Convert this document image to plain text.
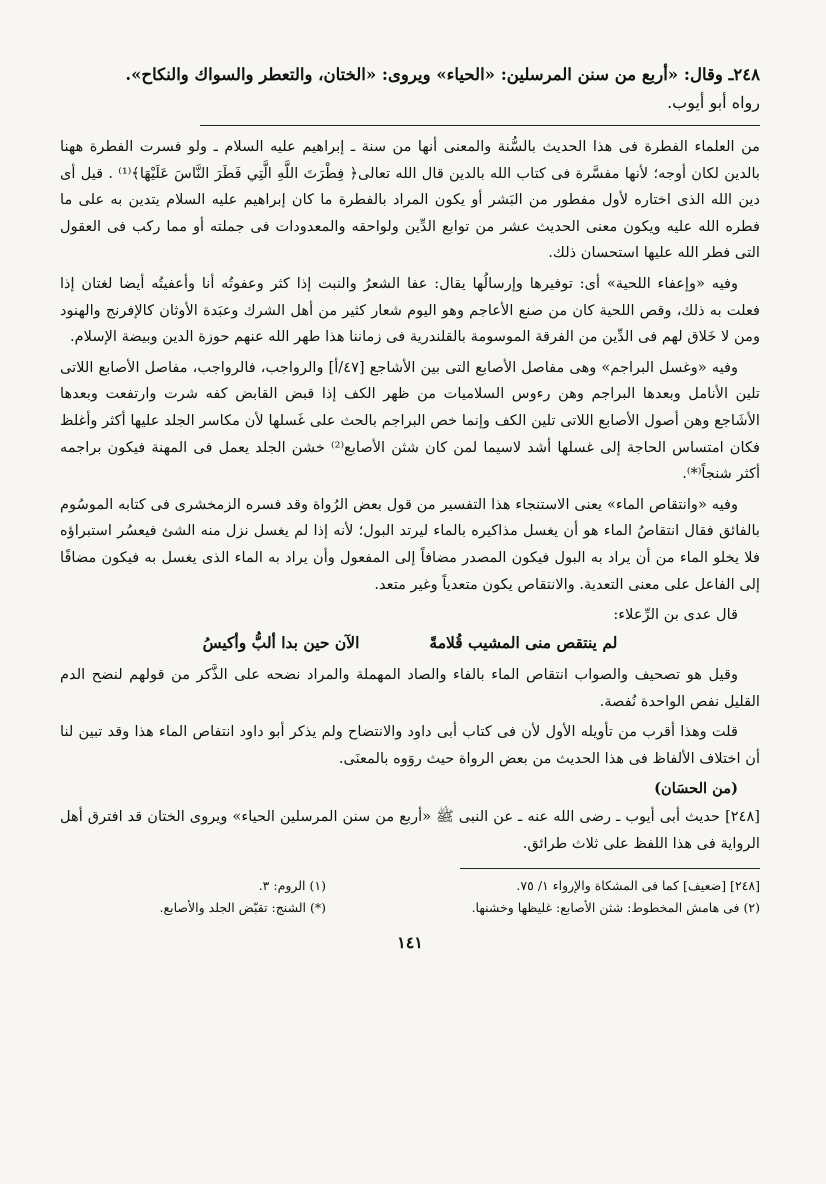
٢٤٨ـ وقال: «أربع من سنن المرسلين: «الحياء» ويروى: «الختان، والتعطر والسواك والنكاح».

رواه أبو أيوب.

من العلماء الفطرة فى هذا الحديث بالسُّنة والمعنى أنها من سنة ـ إبراهيم عليه السلام ـ ولو فسرت الفطرة ههنا بالدين لكان أوجه؛ لأنها مفسَّرة فى كتاب الله بالدين قال الله تعالى﴿ فِطْرَتَ اللَّهِ الَّتِي فَطَرَ النَّاسَ عَلَيْهَا﴾⁽¹⁾ . قيل أى دين الله الذى اختاره لأول مفطور من البَشر أو يكون المراد بالفطرة ما كان إبراهيم عليه السلام يتدين به على ما فطره الله عليه ويكون معنى الحديث عشر من توابع الدِّين ولواحقه والمعدودات فى جملته أو مما ركب فى العقول التى فطر الله عليها استحسان ذلك.

وفيه «وإعفاء اللحية» أى: توفيرها وإرسالُها يقال: عفا الشعرُ والنبت إذا كثر وعفوتُه أنا وأعفيتُه أيضا لغتان إذا فعلت به ذلك، وقص اللحية كان من صنع الأعاجم وهو اليوم شعار كثير من أهل الشرك وعبَدة الأوثان كالإفرنج والهنود ومن لا خَلاق لهم فى الدِّين من الفرقة الموسومة بالقلندرية فى زماننا هذا طهر الله عنهم حوزة الدين وبيضة الإسلام.

وفيه «وغسل البراجم» وهى مفاصل الأصابع التى بين الأشاجع [٤٧/أ] والرواجب، فالرواجب، مفاصل الأصابع اللاتى تلين الأنامل وبعدها البراجم وهن رءوس السلاميات من ظهر الكف إذا قبض القابض كفه شرت وارتفعت وبعدها الأشَاجع وهن أصول الأصابع اللاتى تلين الكف وإنما خص البراجم بالحث على غَسلها لأن مكاسر الجلد عليها أكثر وأغلظ فكان امتساس الحاجة إلى غسلها أشد لاسيما لمن كان شثن الأصابع⁽²⁾ خشن الجلد يعمل فى المهنة فيكون براجمه أكثر شنجاً⁽*⁾.

وفيه «وانتقاص الماء» يعنى الاستنجاء هذا التفسير من قول بعض الرُواة وقد فسره الزمخشرى فى كتابه الموسُوم بالفائق فقال انتقاصُ الماء هو أن يغسل مذاكيره بالماء ليرتد البول؛ لأنه إذا لم يغسل نزل منه الشئ فيعسُر استبراؤه فلا يخلو الماء من أن يراد به البول فيكون المصدر مضافاً إلى المفعول وأن يراد به الماء الذى يغسل به فيكون مضافًا إلى الفاعل على معنى التعدية. والانتقاص يكون متعدياً وغير متعد.

قال عدى بن الرِّعلاء:

لم ينتقص منى المشيب قُلامةً
الآن حين بدا ألبُّ وأكيسُ

وقيل هو تصحيف والصواب انتقاص الماء بالفاء والصاد المهملة والمراد نضحه على الذَّكر من قولهم لنضح الدم القليل نفص الواحدة نُفصة.

قلت وهذا أقرب من تأويله الأول لأن فى كتاب أبى داود والانتضاح ولم يذكر أبو داود انتفاص الماء هذا وقد تبين لنا أن اختلاف الألفاظ فى هذا الحديث من بعض الرواة حيث روَوه بالمعنَى.

(من الحسَان)

[٢٤٨] حديث أبى أيوب ـ رضى الله عنه ـ عن النبى ﷺ «أربع من سنن المرسلين الحياء» ويروى الختان قد افترق أهل الرواية فى هذا اللفظ على ثلاث طرائق.

[٢٤٨] [ضعيف] كما فى المشكاة والإرواء ١/ ٧٥.
(١) الروم: ٣.
(٢) فى هامش المخطوط: شثن الأصابع: غليظها وخشنها.
(*) الشنج: تقبّض الجلد والأصابع.
١٤١
